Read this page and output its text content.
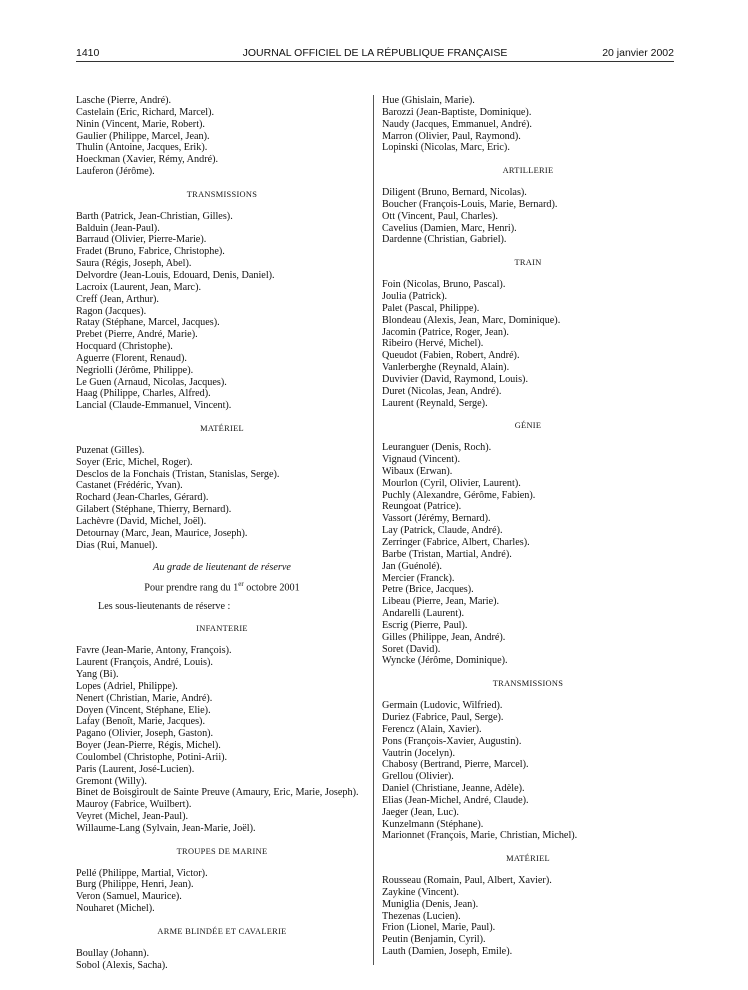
1410	JOURNAL OFFICIEL DE LA RÉPUBLIQUE FRANÇAISE	20 janvier 2002
Lasche (Pierre, André).
Castelain (Eric, Richard, Marcel).
Ninin (Vincent, Marie, Robert).
Gaulier (Philippe, Marcel, Jean).
Thulin (Antoine, Jacques, Erik).
Hoeckman (Xavier, Rémy, André).
Lauferon (Jérôme).
TRANSMISSIONS
Barth (Patrick, Jean-Christian, Gilles).
Balduin (Jean-Paul).
Barraud (Olivier, Pierre-Marie).
Fradet (Bruno, Fabrice, Christophe).
Saura (Régis, Joseph, Abel).
Delvordre (Jean-Louis, Edouard, Denis, Daniel).
Lacroix (Laurent, Jean, Marc).
Creff (Jean, Arthur).
Ragon (Jacques).
Ratay (Stéphane, Marcel, Jacques).
Prebet (Pierre, André, Marie).
Hocquard (Christophe).
Aguerre (Florent, Renaud).
Negriolli (Jérôme, Philippe).
Le Guen (Arnaud, Nicolas, Jacques).
Haag (Philippe, Charles, Alfred).
Lancial (Claude-Emmanuel, Vincent).
MATÉRIEL
Puzenat (Gilles).
Soyer (Eric, Michel, Roger).
Desclos de la Fonchais (Tristan, Stanislas, Serge).
Castanet (Frédéric, Yvan).
Rochard (Jean-Charles, Gérard).
Gilabert (Stéphane, Thierry, Bernard).
Lachèvre (David, Michel, Joël).
Detournay (Marc, Jean, Maurice, Joseph).
Dias (Rui, Manuel).
Au grade de lieutenant de réserve
Pour prendre rang du 1er octobre 2001
Les sous-lieutenants de réserve :
INFANTERIE
Favre (Jean-Marie, Antony, François).
Laurent (François, André, Louis).
Yang (Bi).
Lopes (Adriel, Philippe).
Nenert (Christian, Marie, André).
Doyen (Vincent, Stéphane, Elie).
Lafay (Benoît, Marie, Jacques).
Pagano (Olivier, Joseph, Gaston).
Boyer (Jean-Pierre, Régis, Michel).
Coulombel (Christophe, Potini-Arii).
Paris (Laurent, José-Lucien).
Gremont (Willy).
Binet de Boisgiroult de Sainte Preuve (Amaury, Eric, Marie, Joseph).
Mauroy (Fabrice, Wuilbert).
Veyret (Michel, Jean-Paul).
Willaume-Lang (Sylvain, Jean-Marie, Joël).
TROUPES DE MARINE
Pellé (Philippe, Martial, Victor).
Burg (Philippe, Henri, Jean).
Veron (Samuel, Maurice).
Nouharet (Michel).
ARME BLINDÉE ET CAVALERIE
Boullay (Johann).
Sobol (Alexis, Sacha).
Hue (Ghislain, Marie).
Barozzi (Jean-Baptiste, Dominique).
Naudy (Jacques, Emmanuel, André).
Marron (Olivier, Paul, Raymond).
Lopinski (Nicolas, Marc, Eric).
ARTILLERIE
Diligent (Bruno, Bernard, Nicolas).
Boucher (François-Louis, Marie, Bernard).
Ott (Vincent, Paul, Charles).
Cavelius (Damien, Marc, Henri).
Dardenne (Christian, Gabriel).
TRAIN
Foin (Nicolas, Bruno, Pascal).
Joulia (Patrick).
Palet (Pascal, Philippe).
Blondeau (Alexis, Jean, Marc, Dominique).
Jacomin (Patrice, Roger, Jean).
Ribeiro (Hervé, Michel).
Queudot (Fabien, Robert, André).
Vanlerberghe (Reynald, Alain).
Duvivier (David, Raymond, Louis).
Duret (Nicolas, Jean, André).
Laurent (Reynald, Serge).
GÉNIE
Leuranguer (Denis, Roch).
Vignaud (Vincent).
Wibaux (Erwan).
Mourlon (Cyril, Olivier, Laurent).
Puchly (Alexandre, Gérôme, Fabien).
Reungoat (Patrice).
Vassort (Jérémy, Bernard).
Lay (Patrick, Claude, André).
Zerringer (Fabrice, Albert, Charles).
Barbe (Tristan, Martial, André).
Jan (Guénolé).
Mercier (Franck).
Petre (Brice, Jacques).
Libeau (Pierre, Jean, Marie).
Andarelli (Laurent).
Escrig (Pierre, Paul).
Gilles (Philippe, Jean, André).
Soret (David).
Wyncke (Jérôme, Dominique).
TRANSMISSIONS
Germain (Ludovic, Wilfried).
Duriez (Fabrice, Paul, Serge).
Ferencz (Alain, Xavier).
Pons (François-Xavier, Augustin).
Vautrin (Jocelyn).
Chabosy (Bertrand, Pierre, Marcel).
Grellou (Olivier).
Daniel (Christiane, Jeanne, Adèle).
Elias (Jean-Michel, André, Claude).
Jaeger (Jean, Luc).
Kunzelmann (Stéphane).
Marionnet (François, Marie, Christian, Michel).
MATÉRIEL
Rousseau (Romain, Paul, Albert, Xavier).
Zaykine (Vincent).
Muniglia (Denis, Jean).
Thezenas (Lucien).
Frion (Lionel, Marie, Paul).
Peutin (Benjamin, Cyril).
Lauth (Damien, Joseph, Emile).
